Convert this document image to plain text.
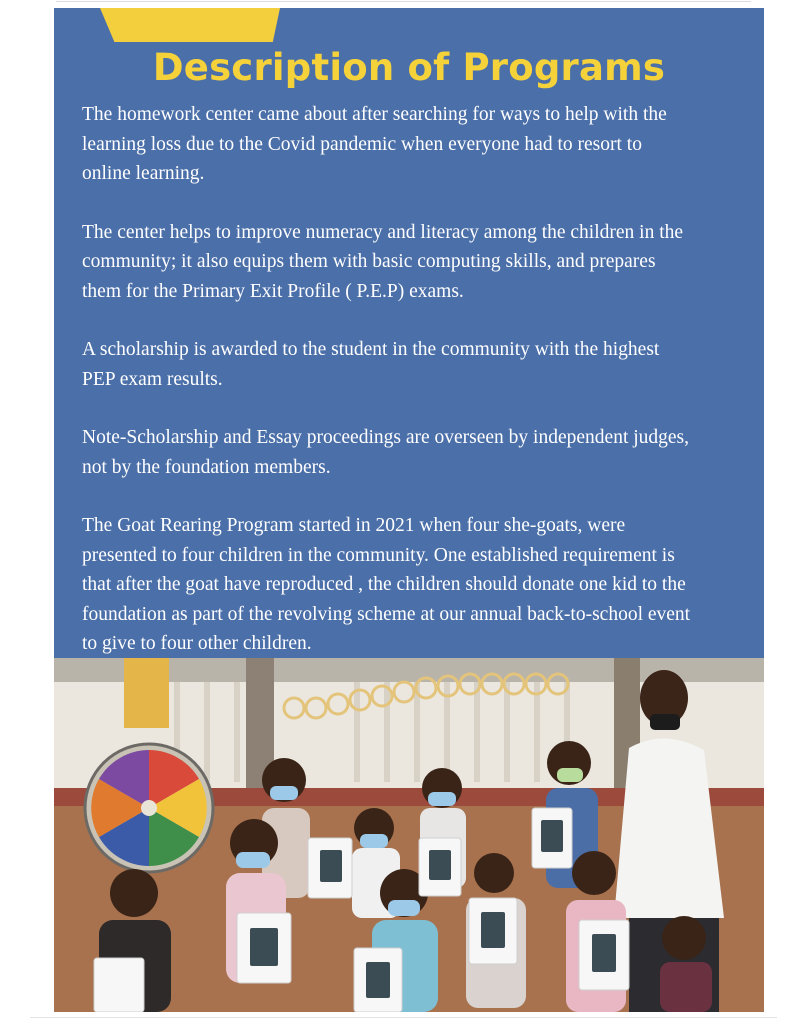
Description of Programs

The homework center came about after searching for ways to help with the
learning loss due to the Covid pandemic when everyone had to resort to
online learning.

The center helps to improve numeracy and literacy among the children in the
community; it also equips them with basic computing skills, and prepares
them for the Primary Exit Profile ( P.E.P) exams.

A scholarship is awarded to the student in the community with the highest
PEP exam results.

Note-Scholarship and Essay proceedings are overseen by independent judges,
not by the foundation members.

The Goat Rearing Program started in 2021 when four she-goats, were
presented to four children in the community. One established requirement is
that after the goat have reproduced , the children should donate one kid to the
foundation as part of the revolving scheme at our annual back-to-school event
to give to four other children.
